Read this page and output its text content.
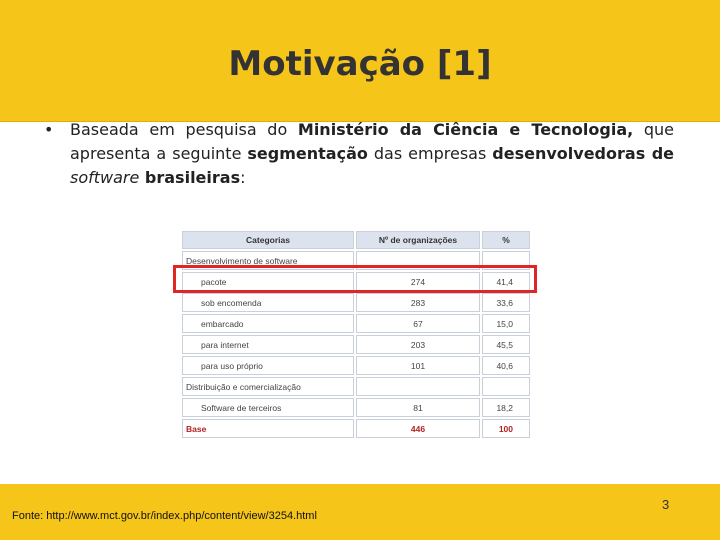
Motivação [1]
• Baseada em pesquisa do Ministério da Ciência e Tecnologia, que apresenta a seguinte segmentação das empresas desenvolvedoras de software brasileiras:
Categorias	Nº de organizações	%
Desenvolvimento de software		
pacote	274	41,4
sob encomenda	283	33,6
embarcado	67	15,0
para internet	203	45,5
para uso próprio	101	40,6
Distribuição e comercialização		
Software de terceiros	81	18,2
Base	446	100
Fonte: http://www.mct.gov.br/index.php/content/view/3254.html
3
